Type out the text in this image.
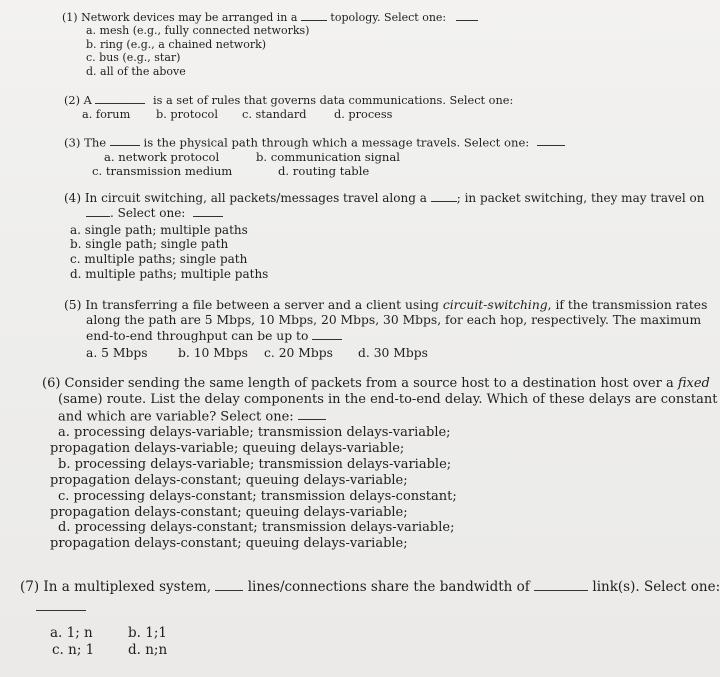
(1) Network devices may be arranged in a	topology. Select one:
a. mesh (e.g., fully connected networks)
b. ring (e.g., a chained network)
c. bus (e.g., star)
d. all of the above
(2) A	is a set of rules that governs data communications. Select one:
a. forum	b. protocol	c. standard	d. process
(3) The	is the physical path through which a message travels. Select one:
a. network protocol	b. communication signal
c. transmission medium	d. routing table
(4) In circuit switching, all packets/messages travel along a ; in packet switching, they may travel on
. Select one:
a. single path; multiple paths
b. single path; single path
c. multiple paths; single path
d. multiple paths; multiple paths
(5) In transferring a file between a server and a client using circuit-switching, if the transmission rates
along the path are 5 Mbps, 10 Mbps, 20 Mbps, 30 Mbps, for each hop, respectively. The maximum
end-to-end throughput can be up to
a. 5 Mbps	b. 10 Mbps	c. 20 Mbps	d. 30 Mbps
(6) Consider sending the same length of packets from a source host to a destination host over a fixed
(same) route. List the delay components in the end-to-end delay. Which of these delays are constant
and which are variable? Select one:
a. processing delays-variable; transmission delays-variable;
propagation delays-variable; queuing delays-variable;
b. processing delays-variable; transmission delays-variable;
propagation delays-constant; queuing delays-variable;
c. processing delays-constant; transmission delays-constant;
propagation delays-constant; queuing delays-variable;
d. processing delays-constant; transmission delays-variable;
propagation delays-constant; queuing delays-variable;
(7) In a multiplexed system,	lines/connections share the bandwidth of	link(s). Select one:
a. 1; n	b. 1;1
c. n; 1	d. n;n
